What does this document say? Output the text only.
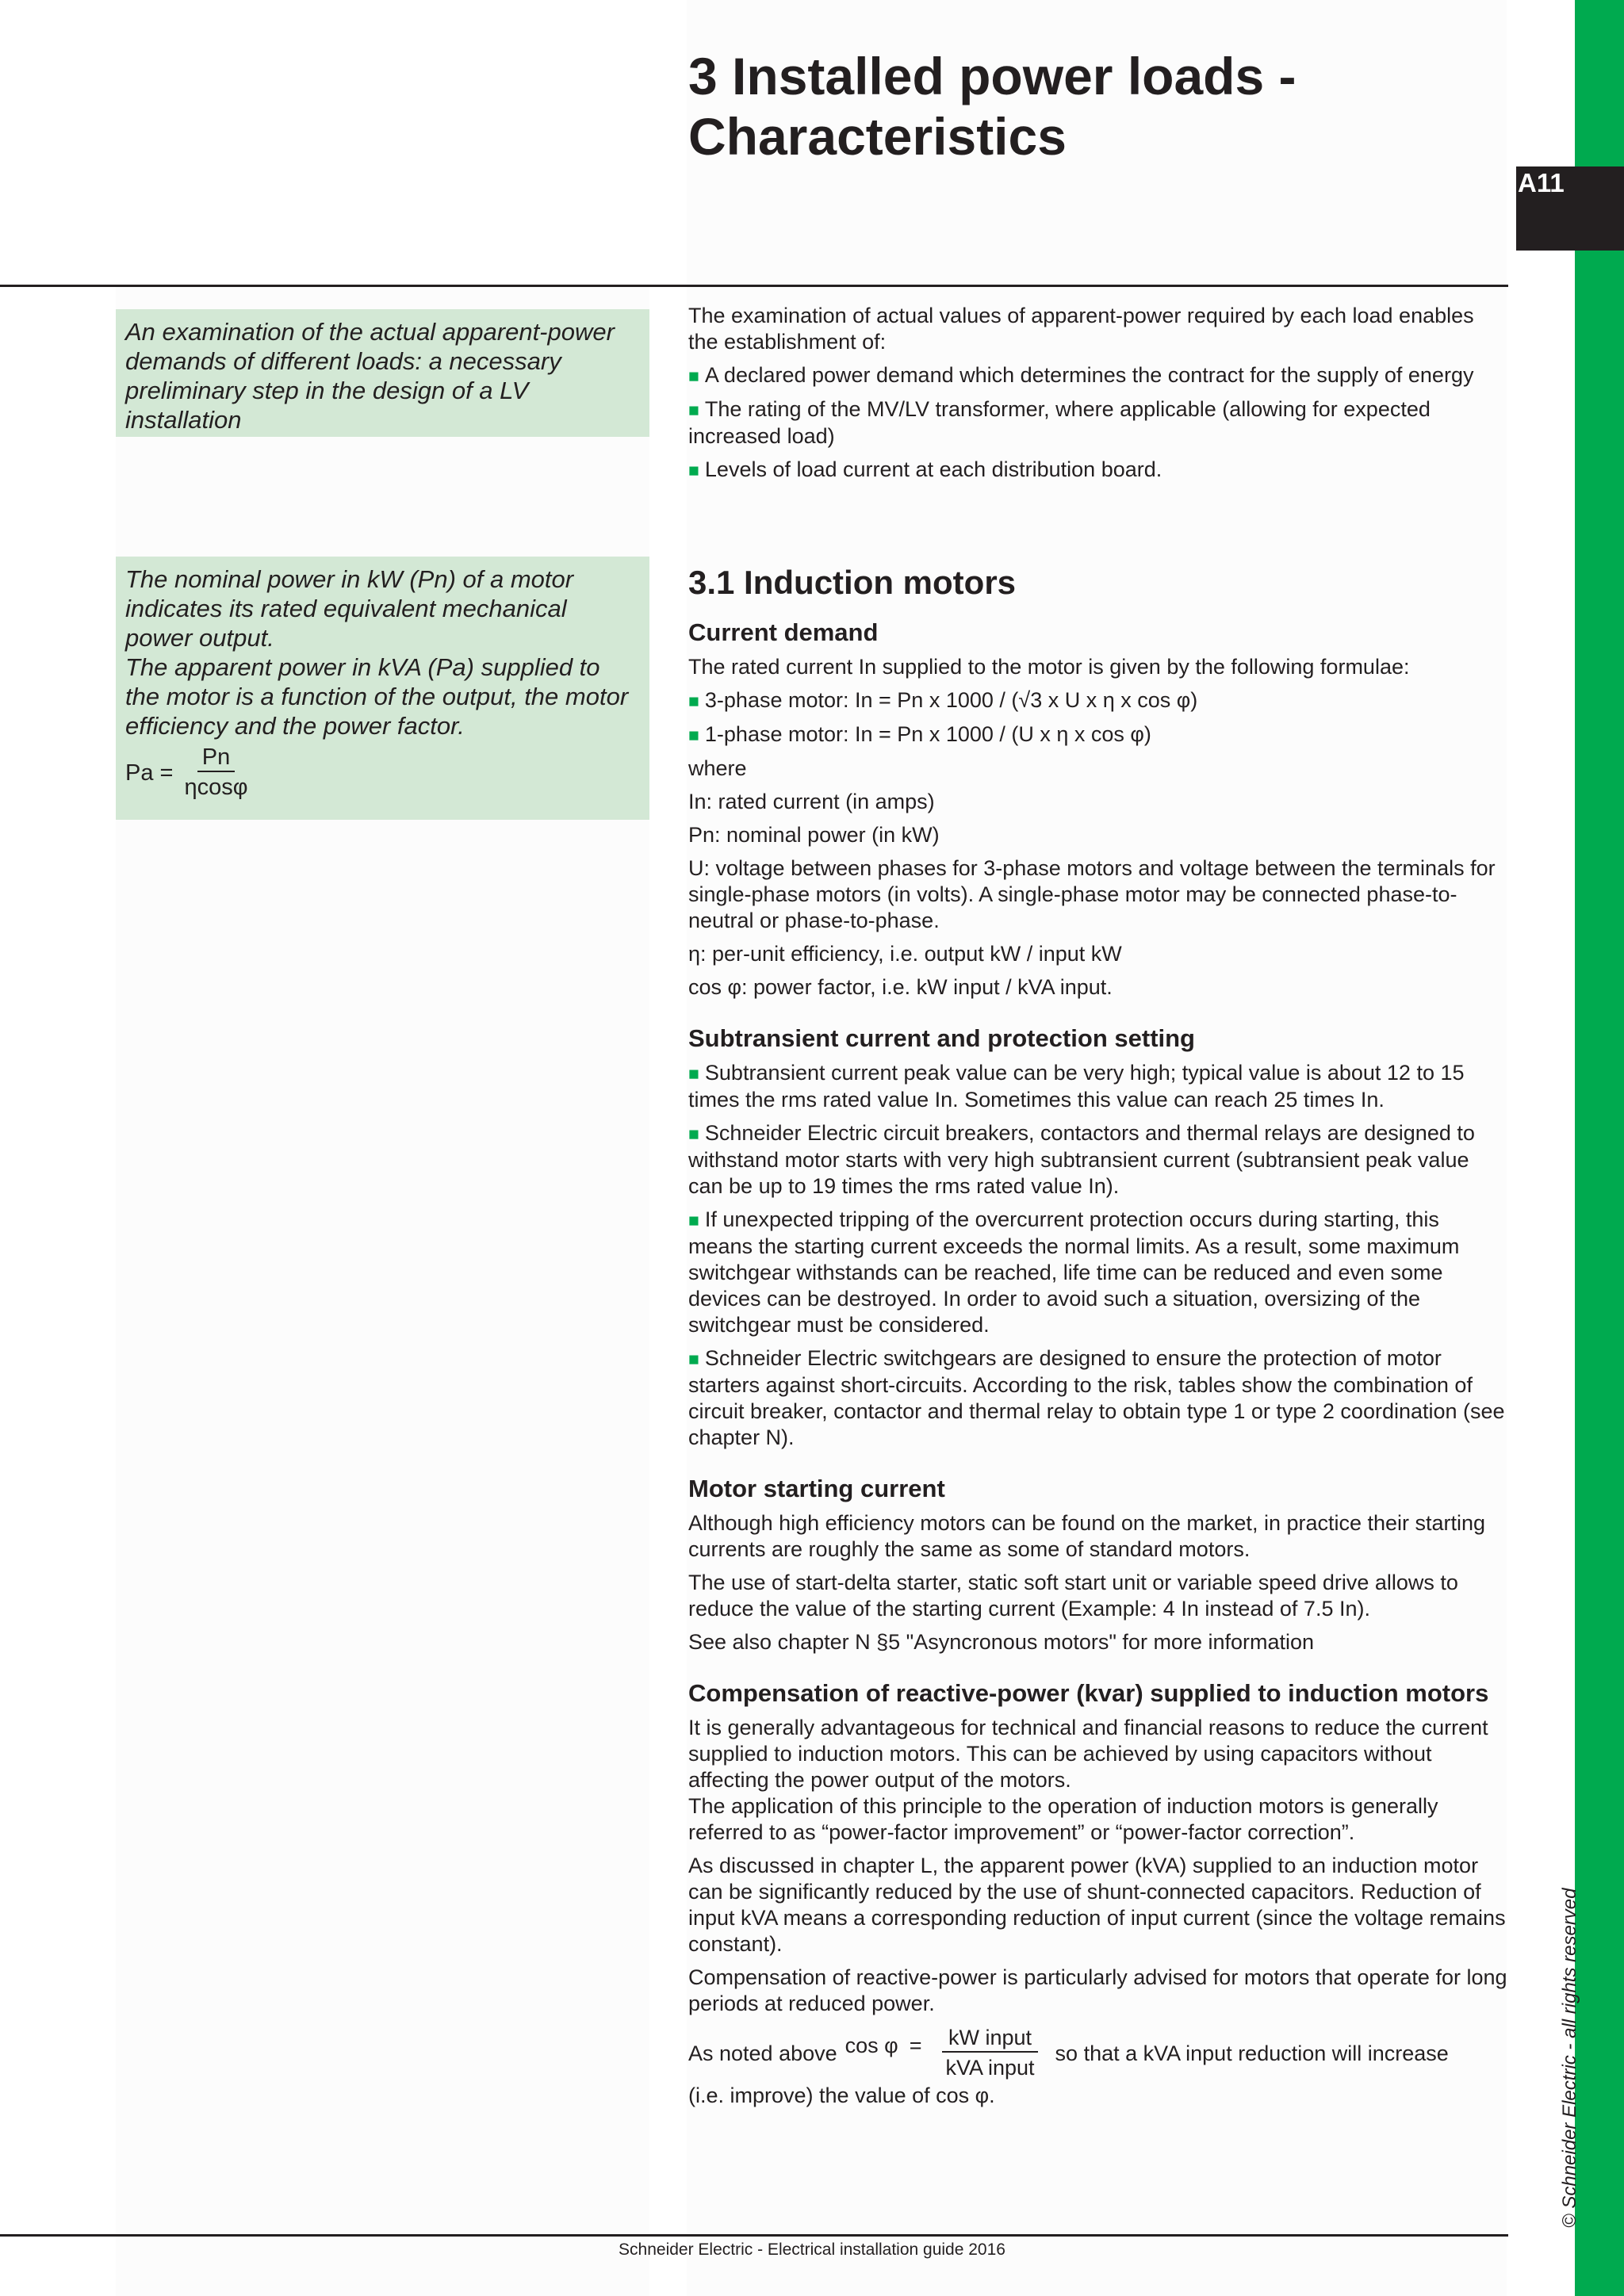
A11
3 Installed power loads -
Characteristics

An examination of the actual apparent-power demands of different loads: a necessary preliminary step in the design of a LV installation

The nominal power in kW (Pn) of a motor indicates its rated equivalent mechanical power output.

The apparent power in kVA (Pa) supplied to the motor is a function of the output, the motor efficiency and the power factor.

$Pa = \frac{Pn}{\eta\cos\varphi}$

The examination of actual values of apparent-power required by each load enables the establishment of:

■ A declared power demand which determines the contract for the supply of energy

■ The rating of the MV/LV transformer, where applicable (allowing for expected increased load)

■ Levels of load current at each distribution board.

3.1 Induction motors
Current demand

The rated current In supplied to the motor is given by the following formulae:

■ 3-phase motor: In = Pn x 1000 / (√3 x U x η x cos φ)

■ 1-phase motor: In = Pn x 1000 / (U x η x cos φ)

where

In: rated current (in amps)

Pn: nominal power (in kW)

U: voltage between phases for 3-phase motors and voltage between the terminals for single-phase motors (in volts). A single-phase motor may be connected phase-to-neutral or phase-to-phase.

η: per-unit efficiency, i.e. output kW / input kW

cos φ: power factor, i.e. kW input / kVA input.

Subtransient current and protection setting

■ Subtransient current peak value can be very high; typical value is about 12 to 15 times the rms rated value In. Sometimes this value can reach 25 times In.

■ Schneider Electric circuit breakers, contactors and thermal relays are designed to withstand motor starts with very high subtransient current (subtransient peak value can be up to 19 times the rms rated value In).

■ If unexpected tripping of the overcurrent protection occurs during starting, this means the starting current exceeds the normal limits. As a result, some maximum switchgear withstands can be reached, life time can be reduced and even some devices can be destroyed. In order to avoid such a situation, oversizing of the switchgear must be considered.

■ Schneider Electric switchgears are designed to ensure the protection of motor starters against short-circuits. According to the risk, tables show the combination of circuit breaker, contactor and thermal relay to obtain type 1 or type 2 coordination (see chapter N).

Motor starting current

Although high efficiency motors can be found on the market, in practice their starting currents are roughly the same as some of standard motors.

The use of start-delta starter, static soft start unit or variable speed drive allows to reduce the value of the starting current (Example: 4 In instead of 7.5 In).

See also chapter N §5 "Asyncronous motors" for more information

Compensation of reactive-power (kvar) supplied to induction motors

It is generally advantageous for technical and financial reasons to reduce the current supplied to induction motors. This can be achieved by using capacitors without affecting the power output of the motors.

The application of this principle to the operation of induction motors is generally referred to as “power-factor improvement” or “power-factor correction”.

As discussed in chapter L, the apparent power (kVA) supplied to an induction motor can be significantly reduced by the use of shunt-connected capacitors. Reduction of input kVA means a corresponding reduction of input current (since the voltage remains constant).

Compensation of reactive-power is particularly advised for motors that operate for long periods at reduced power.

As noted above $\cos \varphi = \frac{\text{kW input}}{\text{kVA input}}$ so that a kVA input reduction will increase

(i.e. improve) the value of cos φ.

Schneider Electric - Electrical installation guide 2016
© Schneider Electric - all rights reserved
